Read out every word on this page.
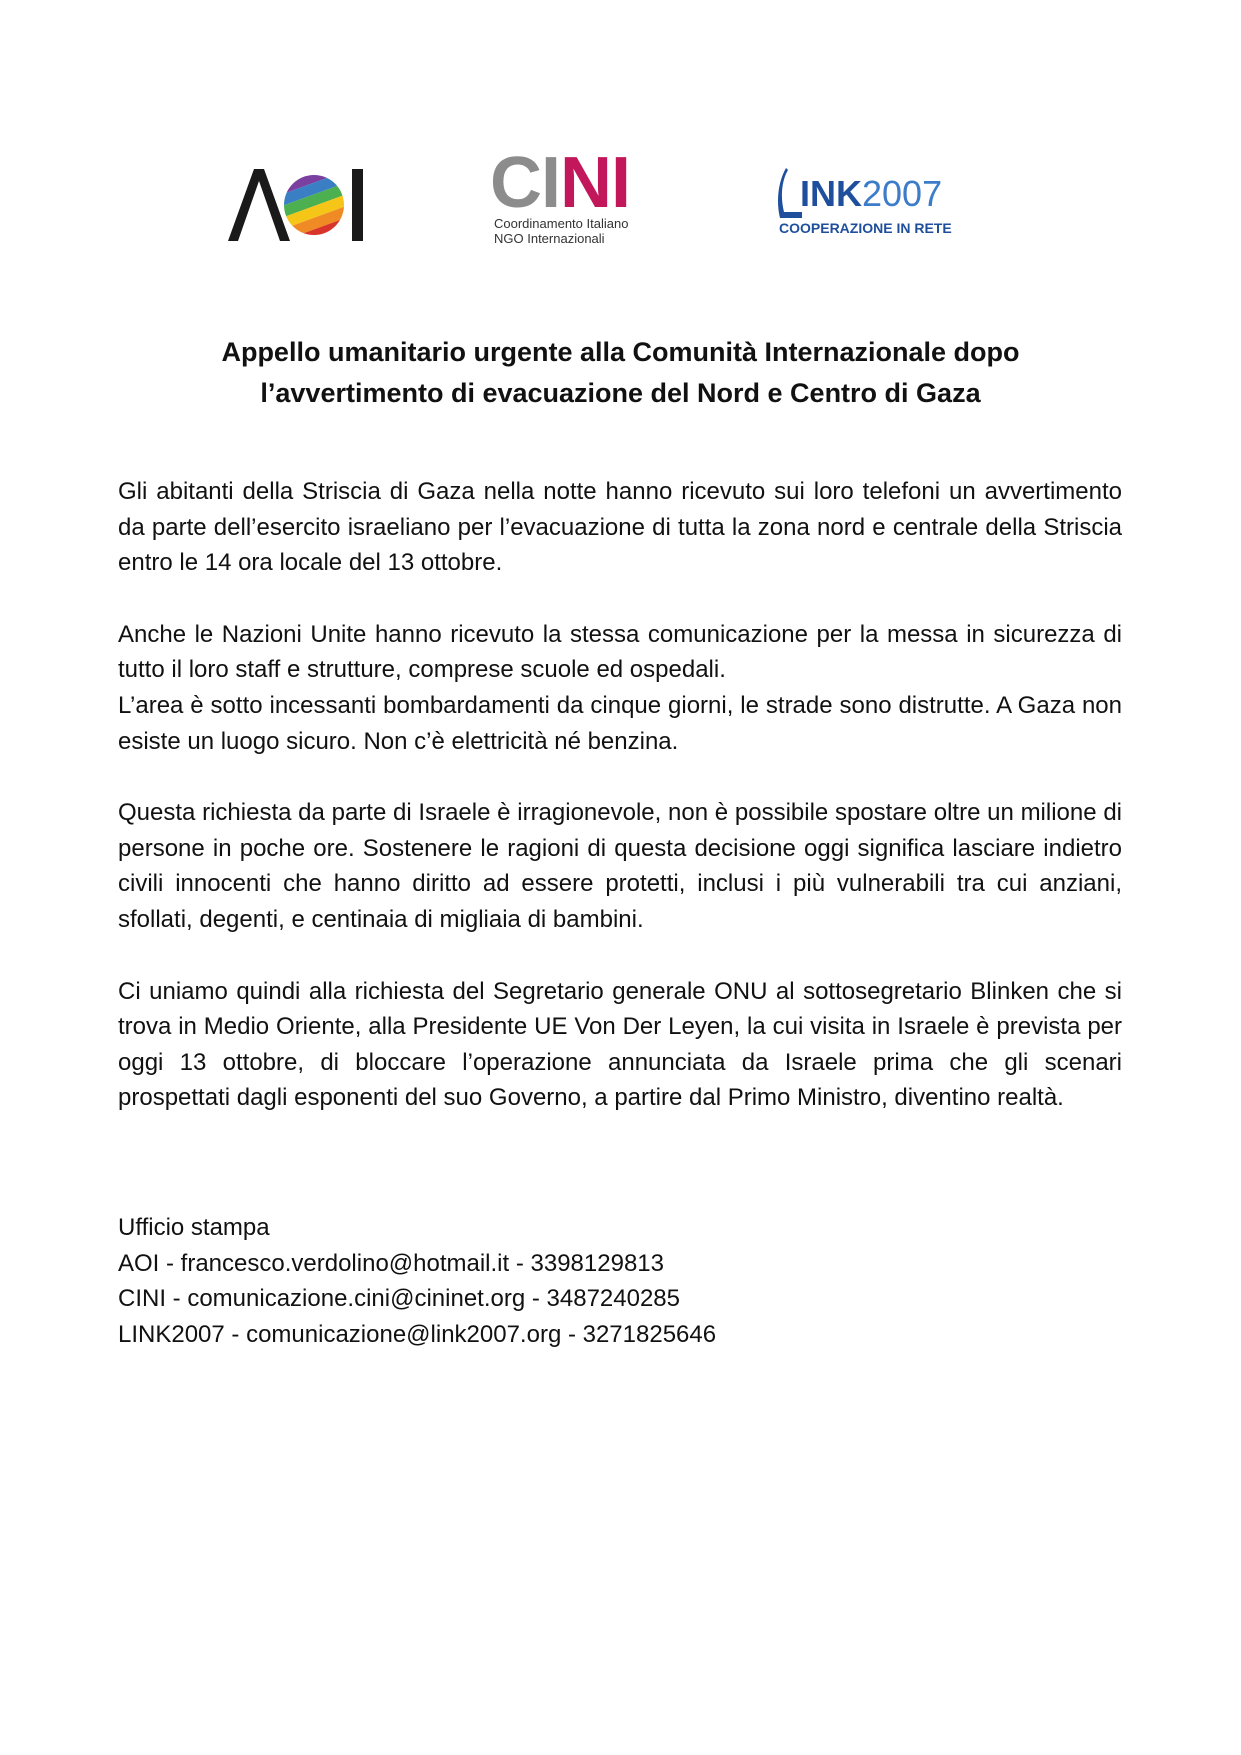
CINI
Coordinamento Italiano
NGO Internazionali
INK2007
COOPERAZIONE IN RETE
Appello umanitario urgente alla Comunità Internazionale dopo
l’avvertimento di evacuazione del Nord e Centro di Gaza

Gli abitanti della Striscia di Gaza nella notte hanno ricevuto sui loro telefoni un avvertimento da parte dell’esercito israeliano per l’evacuazione di tutta la zona nord e centrale della Striscia entro le 14 ora locale del 13 ottobre.

Anche le Nazioni Unite hanno ricevuto la stessa comunicazione per la messa in sicurezza di tutto il loro staff e strutture, comprese scuole ed ospedali.

L’area è sotto incessanti bombardamenti da cinque giorni, le strade sono distrutte. A Gaza non esiste un luogo sicuro. Non c’è elettricità né benzina.

Questa richiesta da parte di Israele è irragionevole, non è possibile spostare oltre un milione di persone in poche ore. Sostenere le ragioni di questa decisione oggi significa lasciare indietro civili innocenti che hanno diritto ad essere protetti, inclusi i più vulnerabili tra cui anziani, sfollati, degenti, e centinaia di migliaia di bambini.

Ci uniamo quindi alla richiesta del Segretario generale ONU al sottosegretario Blinken che si trova in Medio Oriente, alla Presidente UE Von Der Leyen, la cui visita in Israele è prevista per oggi 13 ottobre, di bloccare l’operazione annunciata da Israele prima che gli scenari prospettati dagli esponenti del suo Governo, a partire dal Primo Ministro, diventino realtà.

Ufficio stampa
AOI - francesco.verdolino@hotmail.it - 3398129813
CINI - comunicazione.cini@cininet.org - 3487240285
LINK2007 - comunicazione@link2007.org - 3271825646
